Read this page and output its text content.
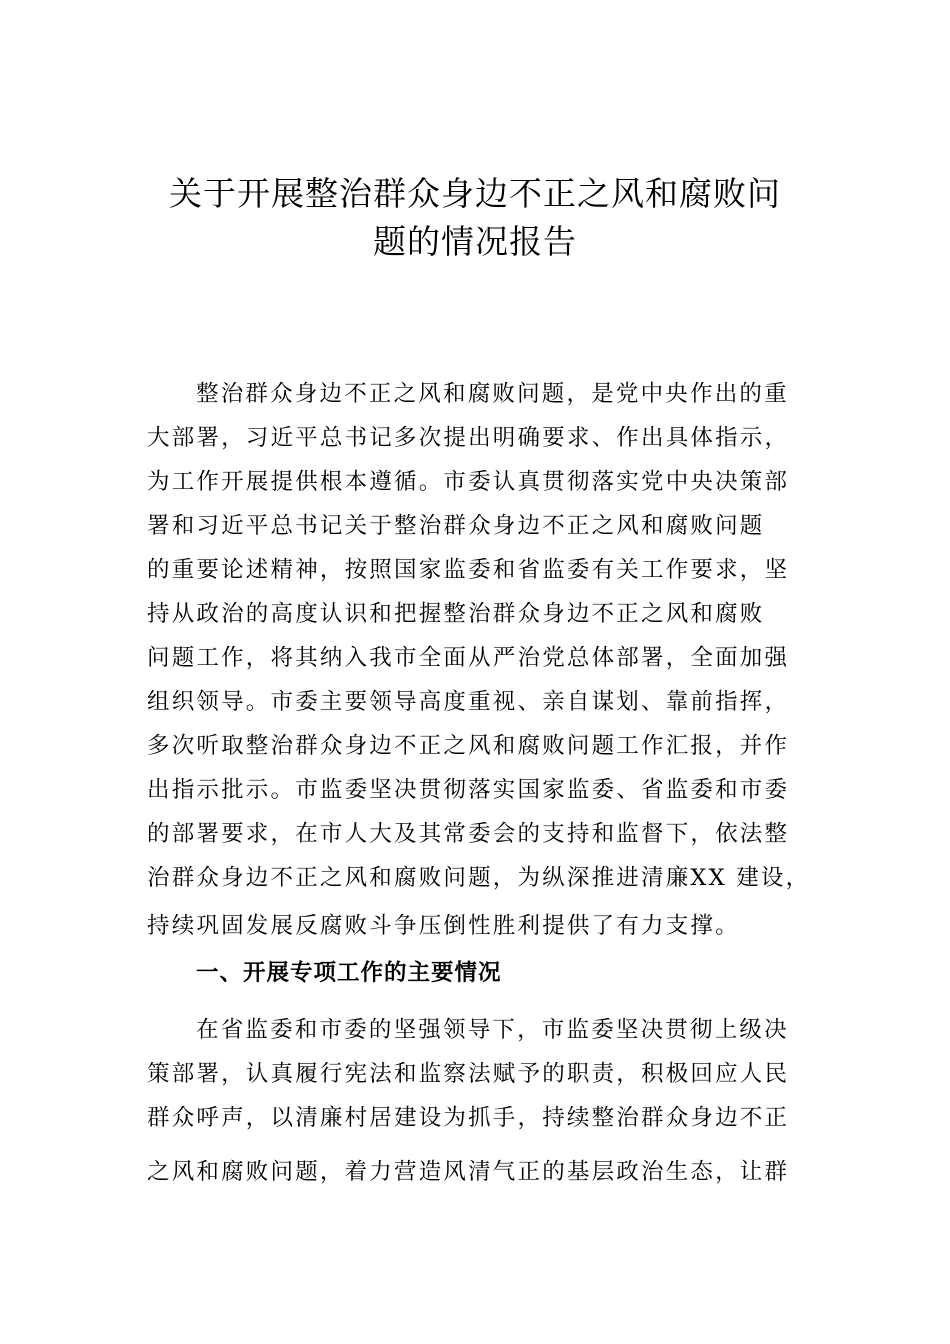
关于开展整治群众身边不正之风和腐败问
题的情况报告
整治群众身边不正之风和腐败问题，是党中央作出的重
大部署，习近平总书记多次提出明确要求、作出具体指示，
为工作开展提供根本遵循。市委认真贯彻落实党中央决策部
署和习近平总书记关于整治群众身边不正之风和腐败问题
的重要论述精神，按照国家监委和省监委有关工作要求，坚
持从政治的高度认识和把握整治群众身边不正之风和腐败
问题工作，将其纳入我市全面从严治党总体部署，全面加强
组织领导。市委主要领导高度重视、亲自谋划、靠前指挥，
多次听取整治群众身边不正之风和腐败问题工作汇报，并作
出指示批示。市监委坚决贯彻落实国家监委、省监委和市委
的部署要求，在市人大及其常委会的支持和监督下，依法整
治群众身边不正之风和腐败问题，为纵深推进清廉XX 建设，
持续巩固发展反腐败斗争压倒性胜利提供了有力支撑。
一、开展专项工作的主要情况
在省监委和市委的坚强领导下，市监委坚决贯彻上级决
策部署，认真履行宪法和监察法赋予的职责，积极回应人民
群众呼声，以清廉村居建设为抓手，持续整治群众身边不正
之风和腐败问题，着力营造风清气正的基层政治生态，让群
